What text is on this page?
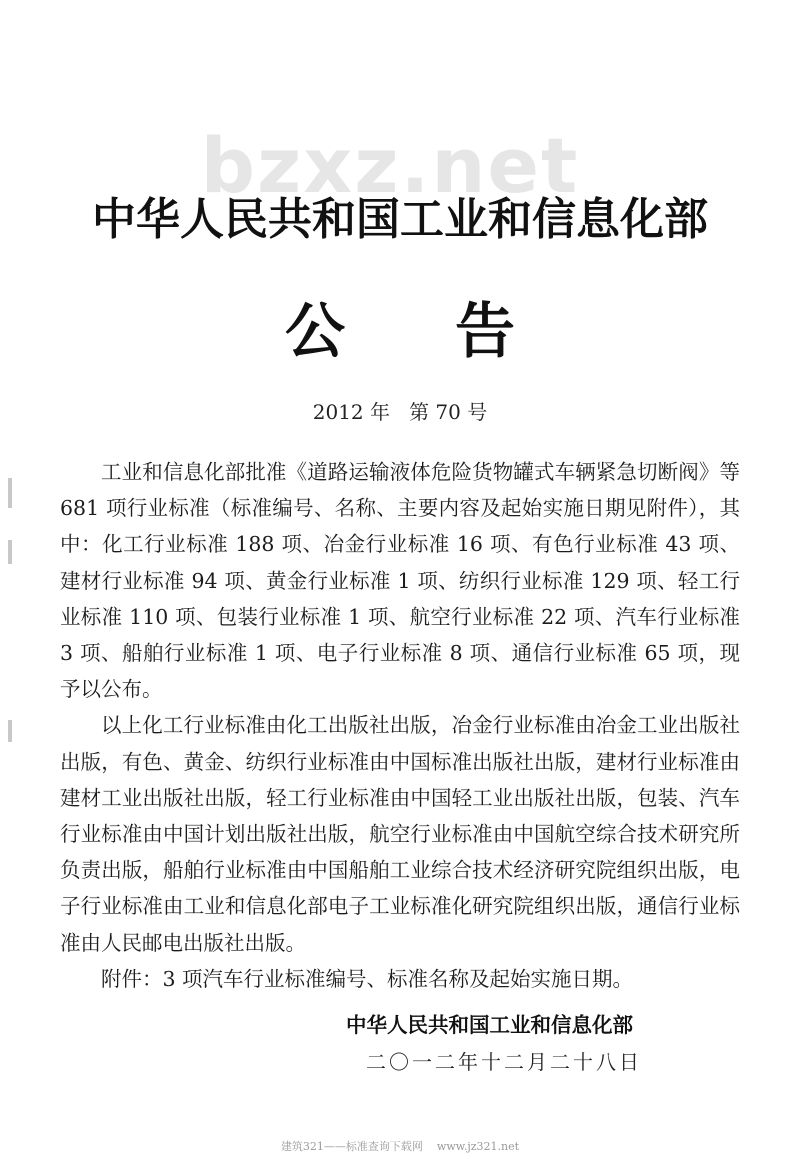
bzxz.net
中华人民共和国工业和信息化部
公告
2012 年   第 70 号

工业和信息化部批准《道路运输液体危险货物罐式车辆紧急切断阀》等 681 项行业标准（标准编号、名称、主要内容及起始实施日期见附件），其中：化工行业标准 188 项、冶金行业标准 16 项、有色行业标准 43 项、建材行业标准 94 项、黄金行业标准 1 项、纺织行业标准 129 项、轻工行业标准 110 项、包装行业标准 1 项、航空行业标准 22 项、汽车行业标准 3 项、船舶行业标准 1 项、电子行业标准 8 项、通信行业标准 65 项，现予以公布。

以上化工行业标准由化工出版社出版，冶金行业标准由冶金工业出版社出版，有色、黄金、纺织行业标准由中国标准出版社出版，建材行业标准由建材工业出版社出版，轻工行业标准由中国轻工业出版社出版，包装、汽车行业标准由中国计划出版社出版，航空行业标准由中国航空综合技术研究所负责出版，船舶行业标准由中国船舶工业综合技术经济研究院组织出版，电子行业标准由工业和信息化部电子工业标准化研究院组织出版，通信行业标准由人民邮电出版社出版。

附件：3 项汽车行业标准编号、标准名称及起始实施日期。

中华人民共和国工业和信息化部
二〇一二年十二月二十八日
建筑321——标准查询下载网    www.jz321.net
